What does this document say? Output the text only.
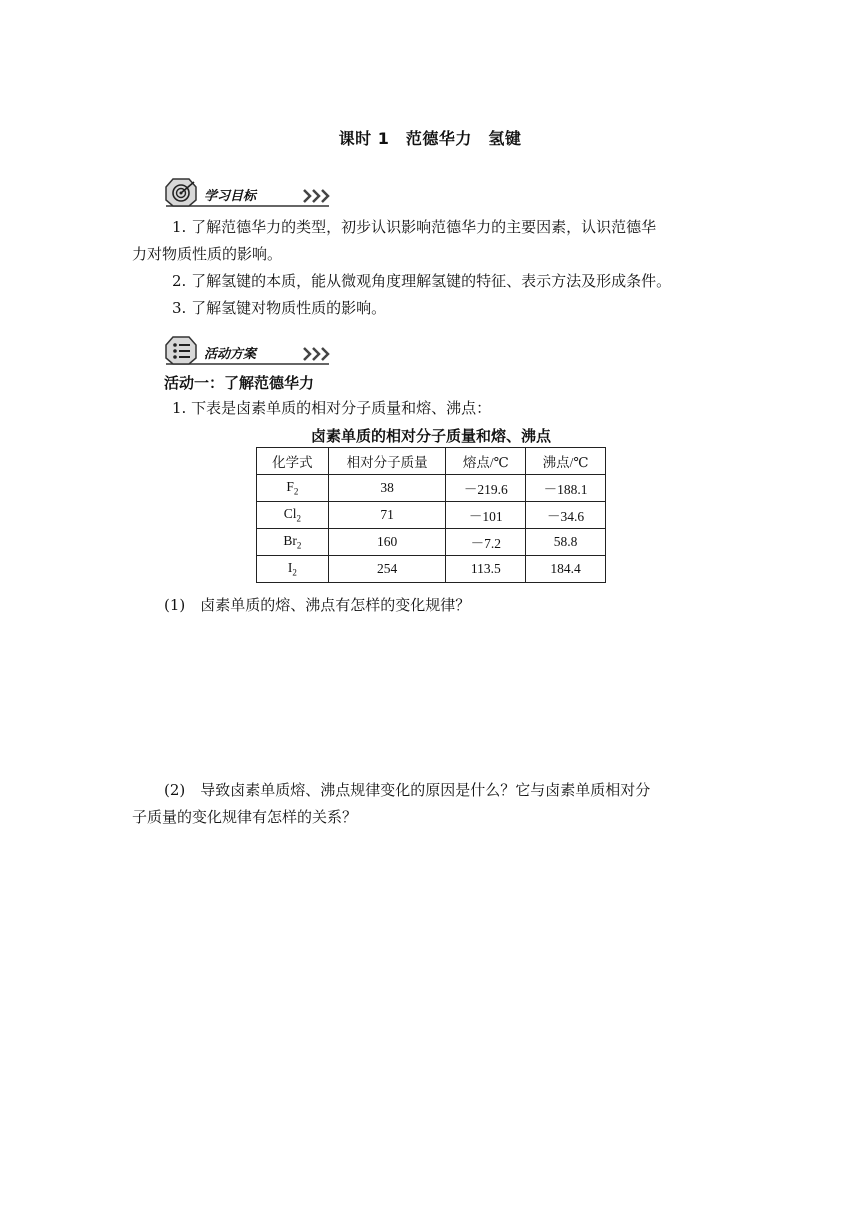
课时 1　范德华力　氢键
学习目标
1. 了解范德华力的类型，初步认识影响范德华力的主要因素，认识范德华
力对物质性质的影响。
2. 了解氢键的本质，能从微观角度理解氢键的特征、表示方法及形成条件。
3. 了解氢键对物质性质的影响。
活动方案
活动一：了解范德华力
1. 下表是卤素单质的相对分子质量和熔、沸点：
卤素单质的相对分子质量和熔、沸点
化学式	相对分子质量	熔点/℃	沸点/℃
$F_2$	38	－219.6	－188.1
$Cl_2$	71	－101	－34.6
$Br_2$	160	－7.2	58.8
$I_2$	254	113.5	184.4
(1)　卤素单质的熔、沸点有怎样的变化规律？
(2)　导致卤素单质熔、沸点规律变化的原因是什么？它与卤素单质相对分
子质量的变化规律有怎样的关系？
